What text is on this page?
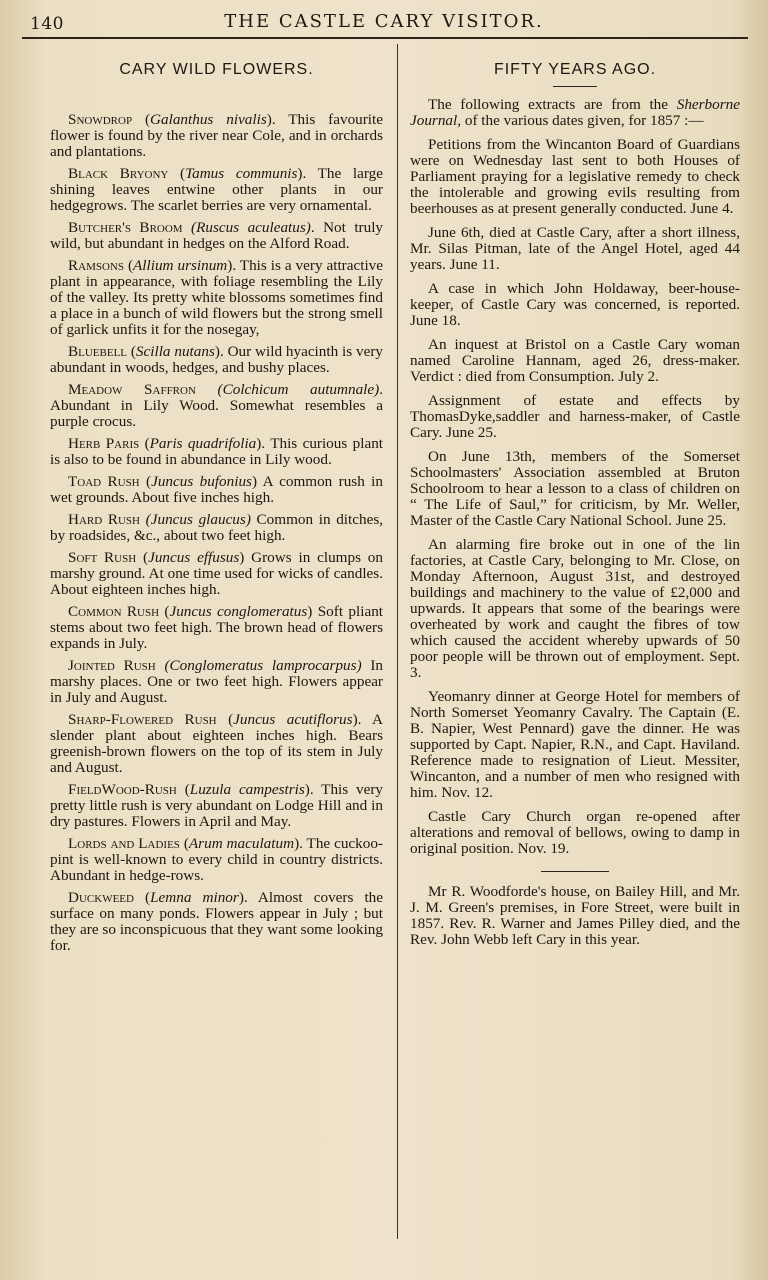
140	THE CASTLE CARY VISITOR.
CARY WILD FLOWERS.

Snowdrop (Galanthus nivalis). This favourite flower is found by the river near Cole, and in orchards and plantations.

Black Bryony (Tamus communis). The large shining leaves entwine other plants in our hedgegrows. The scarlet berries are very ornamental.

Butcher's Broom (Ruscus aculeatus). Not truly wild, but abundant in hedges on the Alford Road.

Ramsons (Allium ursinum). This is a very attractive plant in appearance, with foliage resembling the Lily of the valley. Its pretty white blossoms sometimes find a place in a bunch of wild flowers but the strong smell of garlick unfits it for the nosegay,

Bluebell (Scilla nutans). Our wild hyacinth is very abundant in woods, hedges, and bushy places.

Meadow Saffron (Colchicum autumnale). Abundant in Lily Wood. Somewhat resembles a purple crocus.

Herb Paris (Paris quadrifolia). This curious plant is also to be found in abundance in Lily wood.

Toad Rush (Juncus bufonius) A common rush in wet grounds. About five inches high.

Hard Rush (Juncus glaucus) Common in ditches, by roadsides, &c., about two feet high.

Soft Rush (Juncus effusus) Grows in clumps on marshy ground. At one time used for wicks of candles. About eighteen inches high.

Common Rush (Juncus conglomeratus) Soft pliant stems about two feet high. The brown head of flowers expands in July.

Jointed Rush (Conglomeratus lamprocarpus) In marshy places. One or two feet high. Flowers appear in July and August.

Sharp-Flowered Rush (Juncus acutiflorus). A slender plant about eighteen inches high. Bears greenish-brown flowers on the top of its stem in July and August.

FieldWood-Rush (Luzula campestris). This very pretty little rush is very abundant on Lodge Hill and in dry pastures. Flowers in April and May.

Lords and Ladies (Arum maculatum). The cuckoo-pint is well-known to every child in country districts. Abundant in hedge-rows.

Duckweed (Lemna minor). Almost covers the surface on many ponds. Flowers appear in July ; but they are so inconspicuous that they want some looking for.

FIFTY YEARS AGO.

The following extracts are from the Sherborne Journal, of the various dates given, for 1857 :—

Petitions from the Wincanton Board of Guardians were on Wednesday last sent to both Houses of Parliament praying for a legislative remedy to check the intolerable and growing evils resulting from beerhouses as at present generally conducted. June 4.

June 6th, died at Castle Cary, after a short illness, Mr. Silas Pitman, late of the Angel Hotel, aged 44 years. June 11.

A case in which John Holdaway, beer-house-keeper, of Castle Cary was concerned, is reported. June 18.

An inquest at Bristol on a Castle Cary woman named Caroline Hannam, aged 26, dress-maker. Verdict : died from Consumption. July 2.

Assignment of estate and effects by ThomasDyke,saddler and harness-maker, of Castle Cary. June 25.

On June 13th, members of the Somerset Schoolmasters' Association assembled at Bruton Schoolroom to hear a lesson to a class of children on “ The Life of Saul,” for criticism, by Mr. Weller, Master of the Castle Cary National School. June 25.

An alarming fire broke out in one of the lin factories, at Castle Cary, belonging to Mr. Close, on Monday Afternoon, August 31st, and destroyed buildings and machinery to the value of £2,000 and upwards. It appears that some of the bearings were overheated by work and caught the fibres of tow which caused the accident whereby upwards of 50 poor people will be thrown out of employment. Sept. 3.

Yeomanry dinner at George Hotel for members of North Somerset Yeomanry Cavalry. The Captain (E. B. Napier, West Pennard) gave the dinner. He was supported by Capt. Napier, R.N., and Capt. Haviland. Reference made to resignation of Lieut. Messiter, Wincanton, and a number of men who resigned with him. Nov. 12.

Castle Cary Church organ re-opened after alterations and removal of bellows, owing to damp in original position. Nov. 19.

Mr R. Woodforde's house, on Bailey Hill, and Mr. J. M. Green's premises, in Fore Street, were built in 1857. Rev. R. Warner and James Pilley died, and the Rev. John Webb left Cary in this year.
